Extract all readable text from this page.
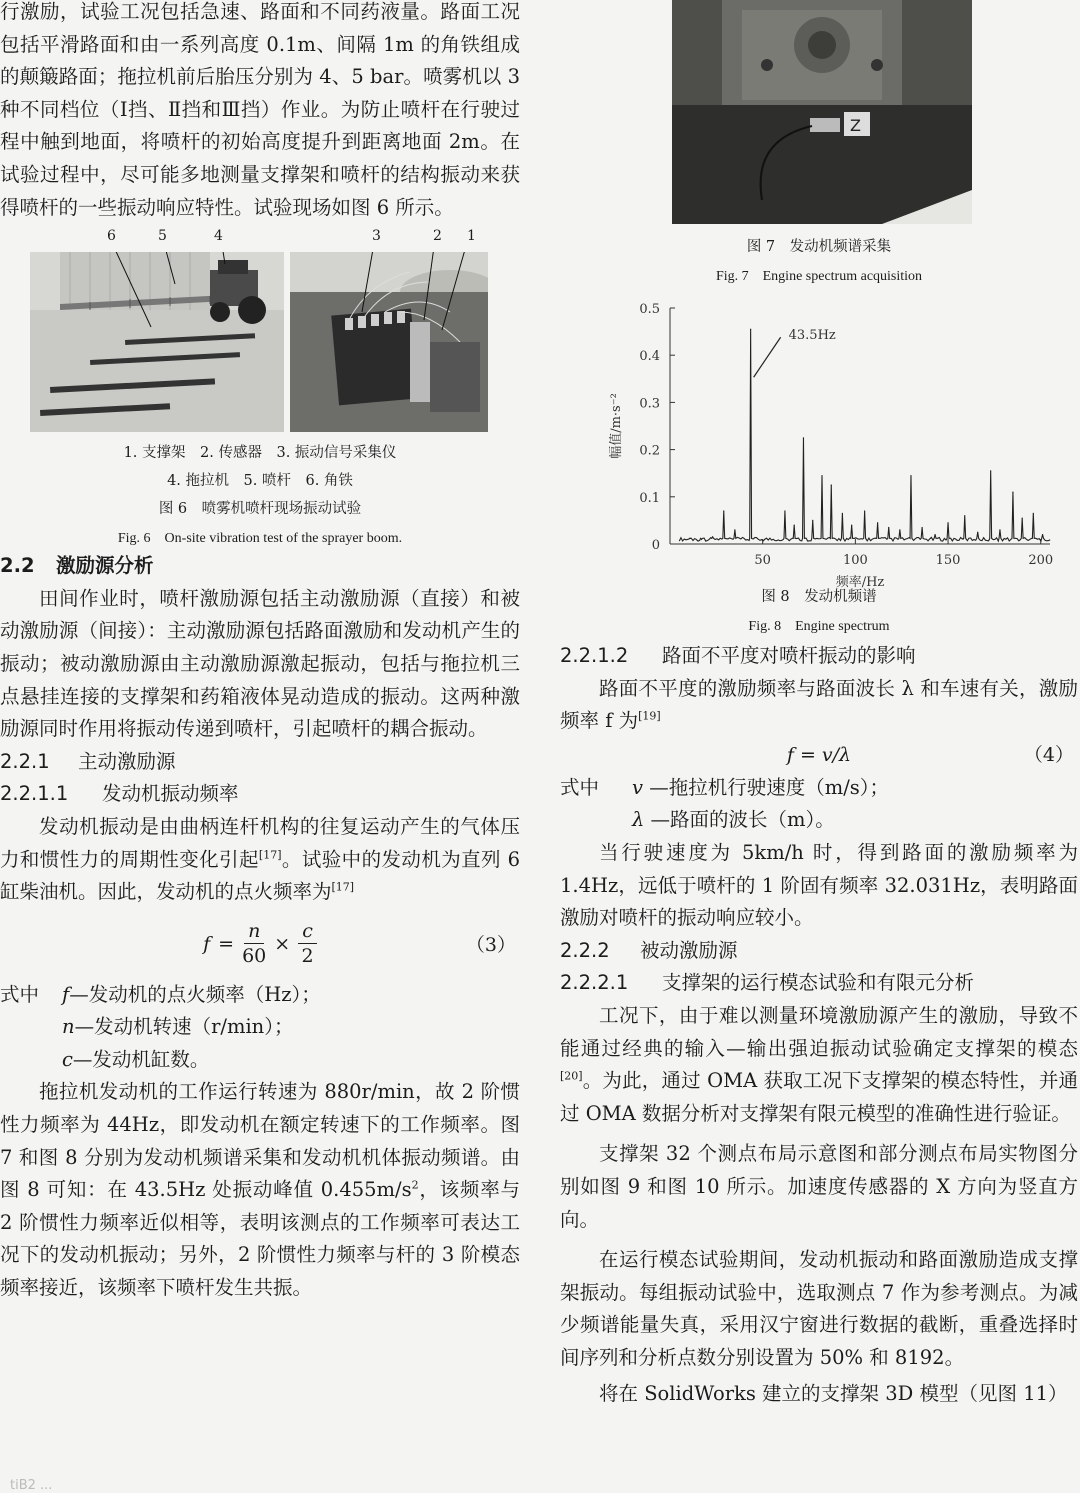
行激励，试验工况包括急速、路面和不同药液量。路面工况包括平滑路面和由一系列高度 0.1m、间隔 1m 的角铁组成的颠簸路面；拖拉机前后胎压分别为 4、5 bar。喷雾机以 3 种不同档位（Ⅰ挡、Ⅱ挡和Ⅲ挡）作业。为防止喷杆在行驶过程中触到地面，将喷杆的初始高度提升到距离地面 2m。在试验过程中，尽可能多地测量支撑架和喷杆的结构振动来获得喷杆的一些振动响应特性。试验现场如图 6 所示。

6	5	4	3	2 1

1. 支撑架　2. 传感器　3. 振动信号采集仪

4. 拖拉机　5. 喷杆　6. 角铁

图 6　喷雾机喷杆现场振动试验

Fig. 6　On-site vibration test of the sprayer boom.

2.2 激励源分析

田间作业时，喷杆激励源包括主动激励源（直接）和被动激励源（间接）：主动激励源包括路面激励和发动机产生的振动；被动激励源由主动激励源激起振动，包括与拖拉机三点悬挂连接的支撑架和药箱液体晃动造成的振动。这两种激励源同时作用将振动传递到喷杆，引起喷杆的耦合振动。

2.2.1 主动激励源

2.2.1.1 发动机振动频率

发动机振动是由曲柄连杆机构的往复运动产生的气体压力和惯性力的周期性变化引起[17]。试验中的发动机为直列 6 缸柴油机。因此，发动机的点火频率为[17]

$f = \frac{n}{60} \times \frac{c}{2}$	（3）

式中 f—发动机的点火频率（Hz）；

n—发动机转速（r/min）；

c—发动机缸数。

拖拉机发动机的工作运行转速为 880r/min，故 2 阶惯性力频率为 44Hz，即发动机在额定转速下的工作频率。图 7 和图 8 分别为发动机频谱采集和发动机机体振动频谱。由图 8 可知：在 43.5Hz 处振动峰值 $0.455m/s^2$，该频率与 2 阶惯性力频率近似相等，表明该测点的工作频率可表达工况下的发动机振动；另外，2 阶惯性力频率与杆的 3 阶模态频率接近，该频率下喷杆发生共振。

Z

图 7　发动机频谱采集

Fig. 7　Engine spectrum acquisition

0
0.1
0.2
0.3
0.4
0.5
50	100	150	200
频率/Hz
幅值/m·s⁻²
43.5Hz

图 8　发动机频谱

Fig. 8　Engine spectrum

2.2.1.2 路面不平度对喷杆振动的影响

路面不平度的激励频率与路面波长 λ 和车速有关，激励频率 f 为[19]

f = v/λ	（4）

式中 v —拖拉机行驶速度（m/s）；

λ —路面的波长（m）。

当行驶速度为 5km/h 时，得到路面的激励频率为 1.4Hz，远低于喷杆的 1 阶固有频率 32.031Hz，表明路面激励对喷杆的振动响应较小。

2.2.2 被动激励源

2.2.2.1 支撑架的运行模态试验和有限元分析

工况下，由于难以测量环境激励源产生的激励，导致不能通过经典的输入—输出强迫振动试验确定支撑架的模态[20]。为此，通过 OMA 获取工况下支撑架的模态特性，并通过 OMA 数据分析对支撑架有限元模型的准确性进行验证。

支撑架 32 个测点布局示意图和部分测点布局实物图分别如图 9 和图 10 所示。加速度传感器的 X 方向为竖直方向。

在运行模态试验期间，发动机振动和路面激励造成支撑架振动。每组振动试验中，选取测点 7 作为参考测点。为减少频谱能量失真，采用汉宁窗进行数据的截断，重叠选择时间序列和分析点数分别设置为 50% 和 8192。

将在 SolidWorks 建立的支撑架 3D 模型（见图 11）

tiB2 ...
